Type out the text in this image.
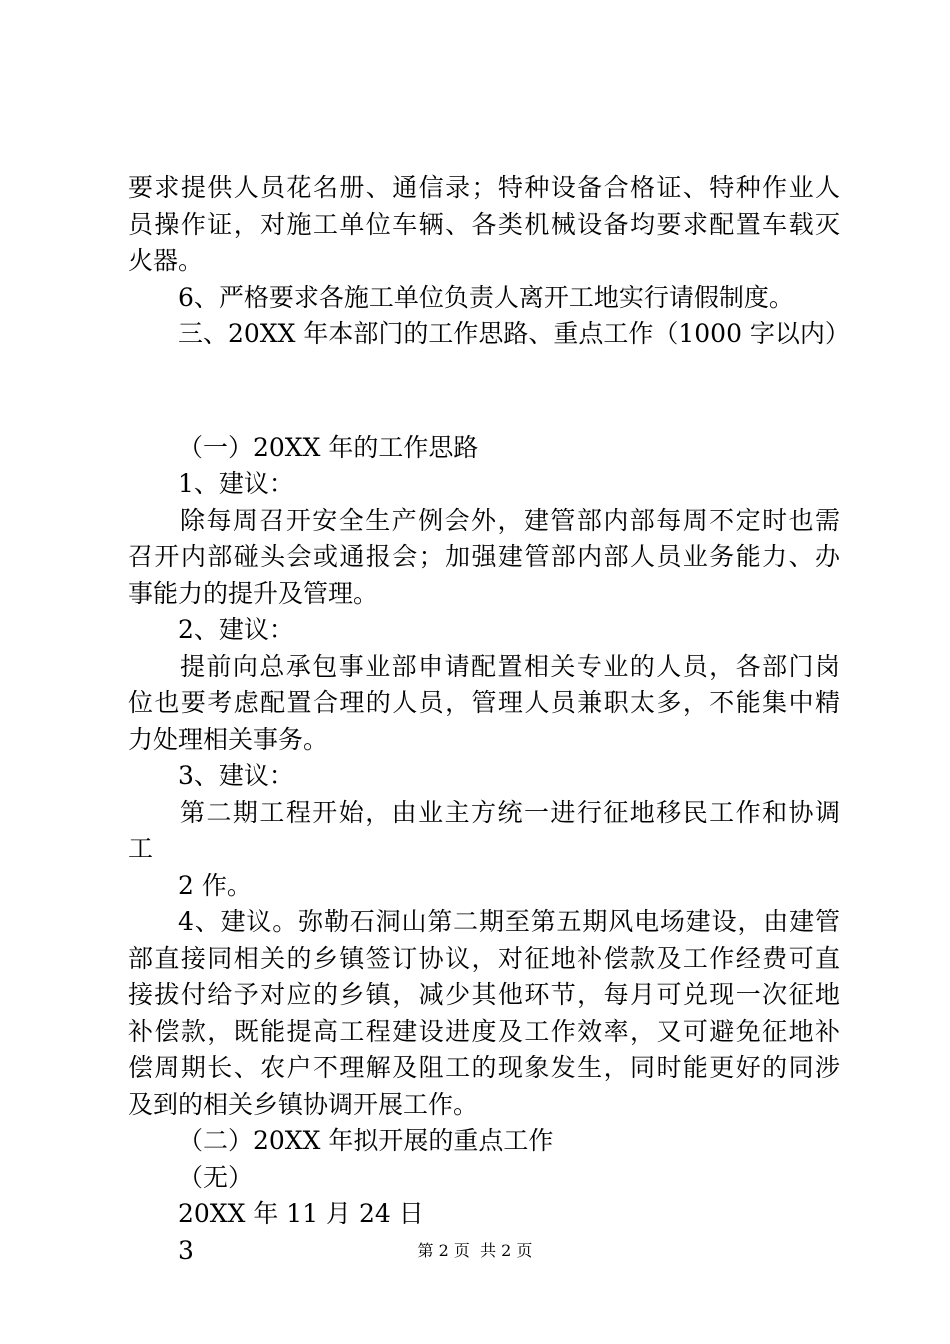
要求提供人员花名册、通信录；特种设备合格证、特种作业人

员操作证，对施工单位车辆、各类机械设备均要求配置车载灭

火器。

6、严格要求各施工单位负责人离开工地实行请假制度。

三、20XX 年本部门的工作思路、重点工作（1000 字以内）

（一）20XX 年的工作思路

1、建议：

除每周召开安全生产例会外，建管部内部每周不定时也需

召开内部碰头会或通报会；加强建管部内部人员业务能力、办

事能力的提升及管理。

2、建议：

提前向总承包事业部申请配置相关专业的人员，各部门岗

位也要考虑配置合理的人员，管理人员兼职太多，不能集中精

力处理相关事务。

3、建议：

第二期工程开始，由业主方统一进行征地移民工作和协调

工

2 作。

4、建议。弥勒石洞山第二期至第五期风电场建设，由建管

部直接同相关的乡镇签订协议，对征地补偿款及工作经费可直

接拔付给予对应的乡镇，减少其他环节，每月可兑现一次征地

补偿款，既能提高工程建设进度及工作效率，又可避免征地补

偿周期长、农户不理解及阻工的现象发生，同时能更好的同涉

及到的相关乡镇协调开展工作。

（二）20XX 年拟开展的重点工作

（无）

20XX 年 11 月 24 日

3	第 2 页  共 2 页
